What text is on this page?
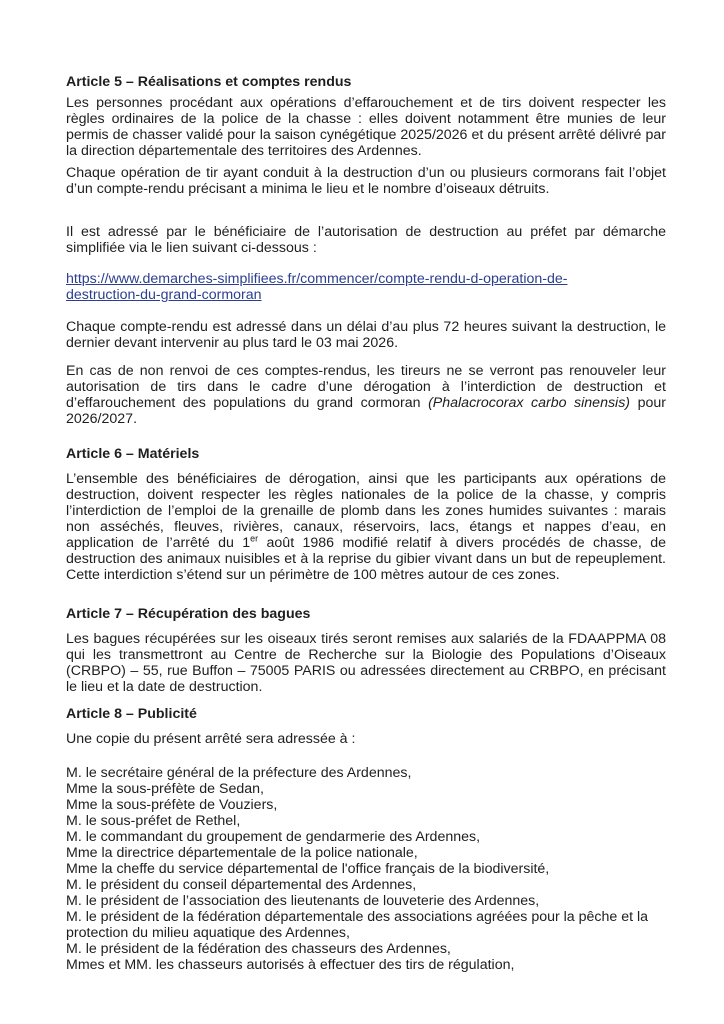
Article 5 – Réalisations et comptes rendus
Les personnes procédant aux opérations d’effarouchement et de tirs doivent respecter les règles ordinaires de la police de la chasse : elles doivent notamment être munies de leur permis de chasser validé pour la saison cynégétique 2025/2026 et du présent arrêté délivré par la direction départementale des territoires des Ardennes.
Chaque opération de tir ayant conduit à la destruction d’un ou plusieurs cormorans fait l’objet d’un compte-rendu précisant a minima le lieu et le nombre d’oiseaux détruits.
Il est adressé par le bénéficiaire de l’autorisation de destruction au préfet par démarche simplifiée via le lien suivant ci-dessous :
https://www.demarches-simplifiees.fr/commencer/compte-rendu-d-operation-de-
destruction-du-grand-cormoran
Chaque compte-rendu est adressé dans un délai d’au plus 72 heures suivant la destruction, le dernier devant intervenir au plus tard le 03 mai 2026.
En cas de non renvoi de ces comptes-rendus, les tireurs ne se verront pas renouveler leur autorisation de tirs dans le cadre d’une dérogation à l’interdiction de destruction et d’effarouchement des populations du grand cormoran (Phalacrocorax carbo sinensis) pour 2026/2027.
Article 6 – Matériels
L’ensemble des bénéficiaires de dérogation, ainsi que les participants aux opérations de destruction, doivent respecter les règles nationales de la police de la chasse, y compris l’interdiction de l’emploi de la grenaille de plomb dans les zones humides suivantes : marais non asséchés, fleuves, rivières, canaux, réservoirs, lacs, étangs et nappes d’eau, en application de l’arrêté du 1er août 1986 modifié relatif à divers procédés de chasse, de destruction des animaux nuisibles et à la reprise du gibier vivant dans un but de repeuplement. Cette interdiction s’étend sur un périmètre de 100 mètres autour de ces zones.
Article 7 – Récupération des bagues
Les bagues récupérées sur les oiseaux tirés seront remises aux salariés de la FDAAPPMA 08 qui les transmettront au Centre de Recherche sur la Biologie des Populations d’Oiseaux (CRBPO) – 55, rue Buffon – 75005 PARIS ou adressées directement au CRBPO, en précisant le lieu et la date de destruction.
Article 8 – Publicité
Une copie du présent arrêté sera adressée à :
M. le secrétaire général de la préfecture des Ardennes,
Mme la sous-préfète de Sedan,
Mme la sous-préfète de Vouziers,
M. le sous-préfet de Rethel,
M. le commandant du groupement de gendarmerie des Ardennes,
Mme la directrice départementale de la police nationale,
Mme la cheffe du service départemental de l'office français de la biodiversité,
M. le président du conseil départemental des Ardennes,
M. le président de l’association des lieutenants de louveterie des Ardennes,
M. le président de la fédération départementale des associations agréées pour la pêche et la
protection du milieu aquatique des Ardennes,
M. le président de la fédération des chasseurs des Ardennes,
Mmes et MM. les chasseurs autorisés à effectuer des tirs de régulation,
